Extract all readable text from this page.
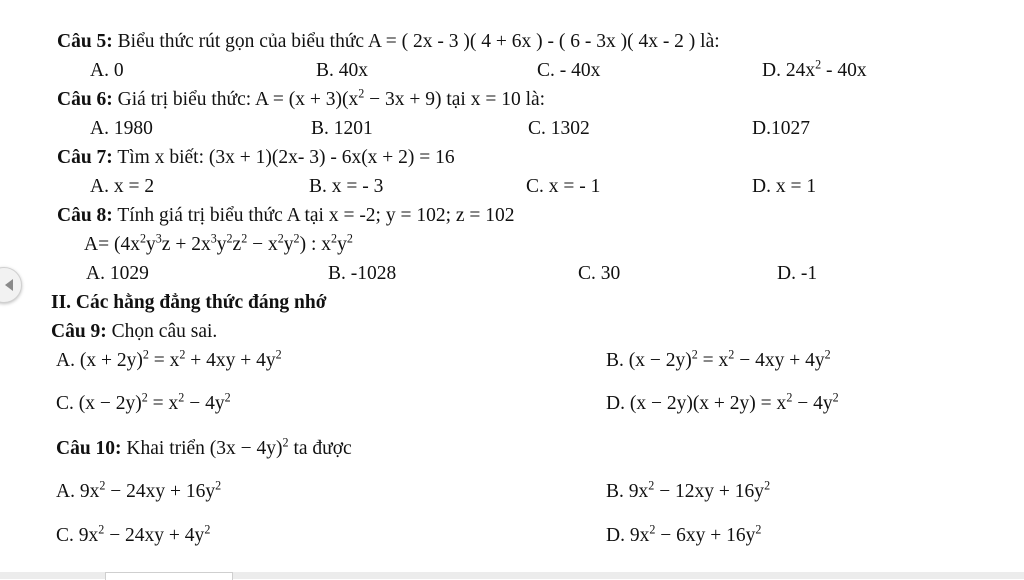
Câu 5: Biểu thức rút gọn của biểu thức A = ( 2x - 3 )( 4 + 6x ) - ( 6 - 3x )( 4x - 2 ) là:
A. 0	B. 40x	C. - 40x	D. $24x^2 - 40x$
Câu 6: Giá trị biểu thức: $A = (x + 3)(x^2 - 3x + 9)$ tại x = 10 là:
A. 1980	B. 1201	C. 1302	D.1027
Câu 7: Tìm x biết: (3x + 1)(2x- 3) - 6x(x + 2) = 16
A. x = 2	B. x = - 3	C. x = - 1	D. x = 1
Câu 8: Tính giá trị biểu thức A tại x = -2; y = 102; z = 102
$A= (4x^2y^3z + 2x^3y^2z^2 - x^2y^2)$ : $x^2y^2$
A. 1029	B. -1028	C. 30	D. -1
II. Các hằng đẳng thức đáng nhớ
Câu 9: Chọn câu sai.
A. $(x + 2y)^2 = x^2 + 4xy + 4y^2$	B. $(x - 2y)^2 = x^2 - 4xy + 4y^2$
C. $(x - 2y)^2 = x^2 - 4y^2$	D. $(x - 2y)(x + 2y) = x^2 - 4y^2$
Câu 10: Khai triển $(3x - 4y)^2$ ta được
A. $9x^2 - 24xy + 16y^2$	B. $9x^2 - 12xy + 16y^2$
C. $9x^2 - 24xy + 4y^2$	D. $9x^2 - 6xy + 16y^2$
